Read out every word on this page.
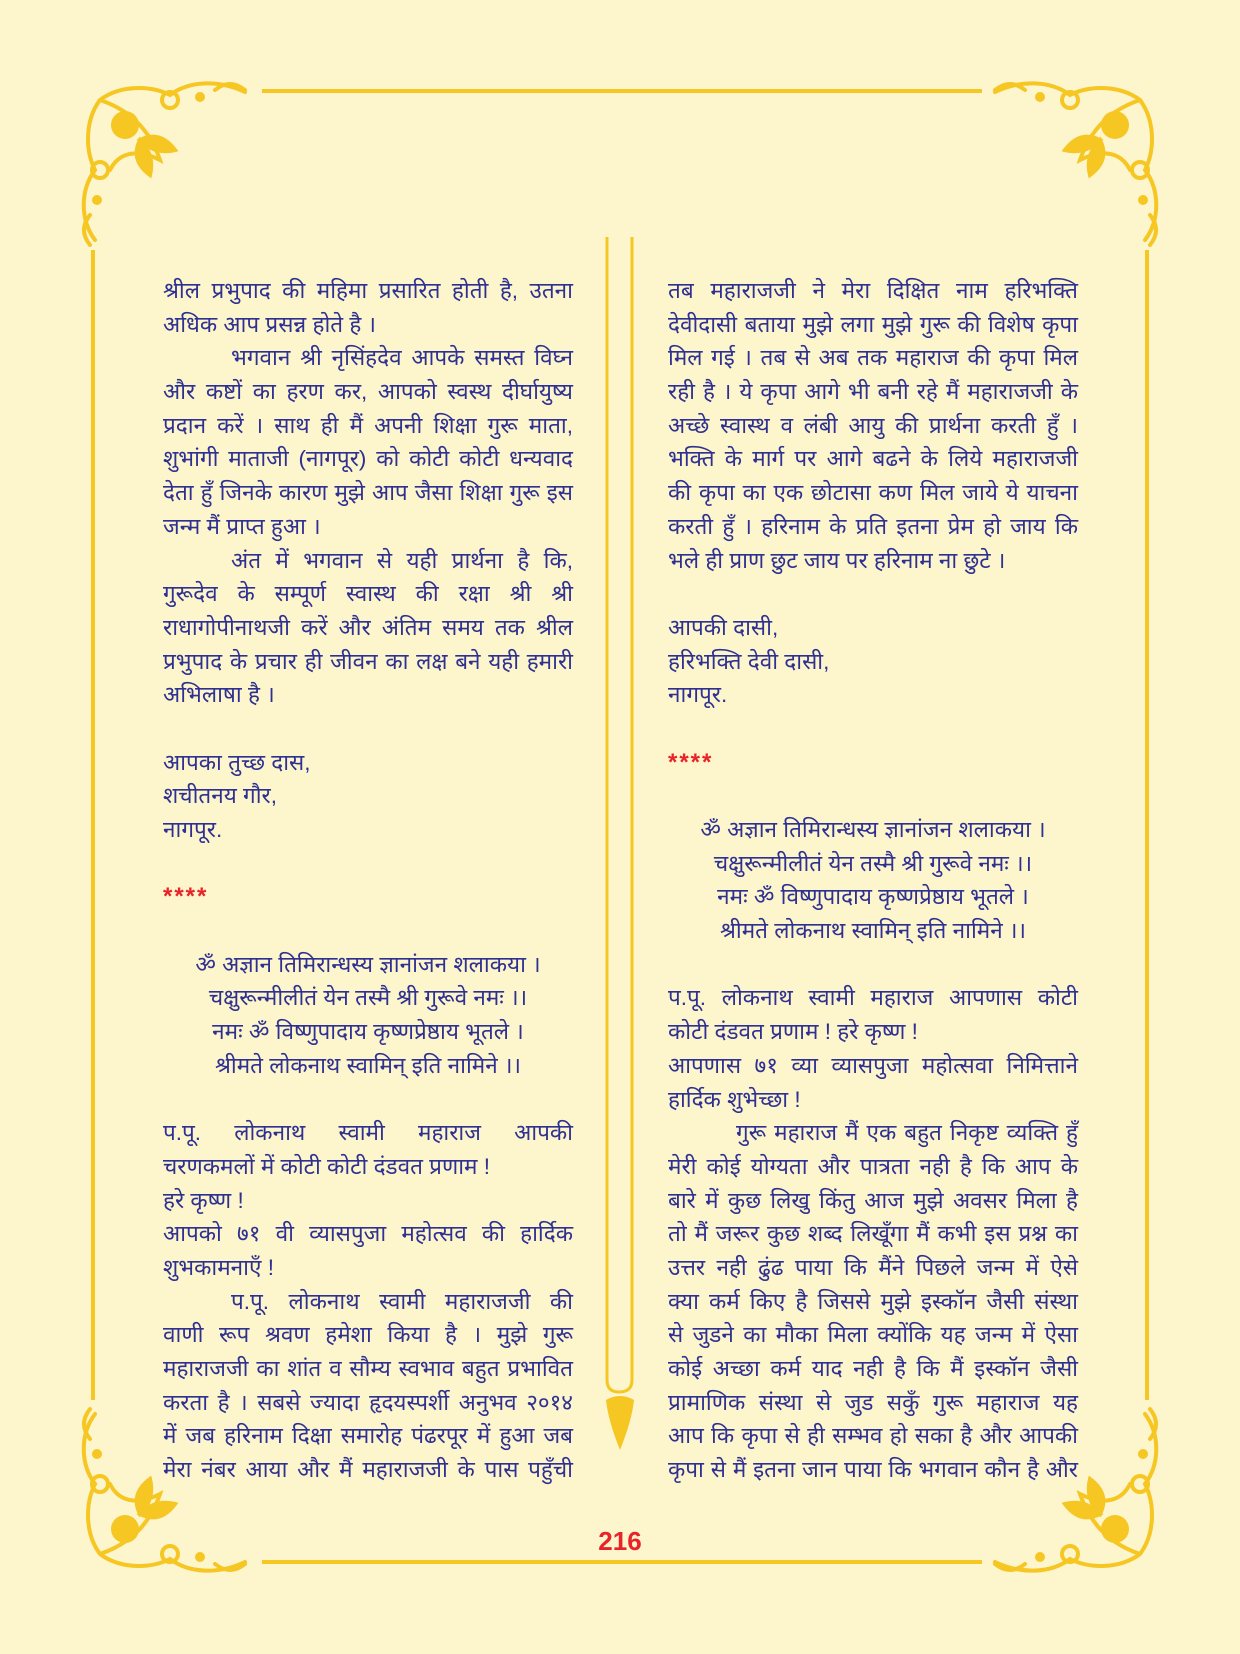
श्रील प्रभुपाद की महिमा प्रसारित होती है, उतना
अधिक आप प्रसन्न होते है ।
भगवान श्री नृसिंहदेव आपके समस्त विघ्न
और कष्टों का हरण कर, आपको स्वस्थ दीर्घायुष्य
प्रदान करें । साथ ही मैं अपनी शिक्षा गुरू माता,
शुभांगी माताजी (नागपूर) को कोटी कोटी धन्यवाद
देता हुँ जिनके कारण मुझे आप जैसा शिक्षा गुरू इस
जन्म मैं प्राप्त हुआ ।
अंत में भगवान से यही प्रार्थना है कि,
गुरूदेव के सम्पूर्ण स्वास्थ की रक्षा श्री श्री
राधागोपीनाथजी करें और अंतिम समय तक श्रील
प्रभुपाद के प्रचार ही जीवन का लक्ष बने यही हमारी
अभिलाषा है ।
आपका तुच्छ दास,
शचीतनय गौर,
नागपूर.
****
ॐ अज्ञान तिमिरान्धस्य ज्ञानांजन शलाकया ।
चक्षुरून्मीलीतं येन तस्मै श्री गुरूवे नमः ।।
नमः ॐ विष्णुपादाय कृष्णप्रेष्ठाय भूतले ।
श्रीमते लोकनाथ स्वामिन् इति नामिने ।।
प.पू. लोकनाथ स्वामी महाराज आपकी
चरणकमलों में कोटी कोटी दंडवत प्रणाम !
हरे कृष्ण !
आपको ७१ वी व्यासपुजा महोत्सव की हार्दिक
शुभकामनाएँ !
प.पू. लोकनाथ स्वामी महाराजजी की
वाणी रूप श्रवण हमेशा किया है । मुझे गुरू
महाराजजी का शांत व सौम्य स्वभाव बहुत प्रभावित
करता है । सबसे ज्यादा हृदयस्पर्शी अनुभव २०१४
में जब हरिनाम दिक्षा समारोह पंढरपूर में हुआ जब
मेरा नंबर आया और मैं महाराजजी के पास पहुँची
तब महाराजजी ने मेरा दिक्षित नाम हरिभक्ति
देवीदासी बताया मुझे लगा मुझे गुरू की विशेष कृपा
मिल गई । तब से अब तक महाराज की कृपा मिल
रही है । ये कृपा आगे भी बनी रहे मैं महाराजजी के
अच्छे स्वास्थ व लंबी आयु की प्रार्थना करती हुँ ।
भक्ति के मार्ग पर आगे बढने के लिये महाराजजी
की कृपा का एक छोटासा कण मिल जाये ये याचना
करती हुँ । हरिनाम के प्रति इतना प्रेम हो जाय कि
भले ही प्राण छुट जाय पर हरिनाम ना छुटे ।
आपकी दासी,
हरिभक्ति देवी दासी,
नागपूर.
****
ॐ अज्ञान तिमिरान्धस्य ज्ञानांजन शलाकया ।
चक्षुरून्मीलीतं येन तस्मै श्री गुरूवे नमः ।।
नमः ॐ विष्णुपादाय कृष्णप्रेष्ठाय भूतले ।
श्रीमते लोकनाथ स्वामिन् इति नामिने ।।
प.पू. लोकनाथ स्वामी महाराज आपणास कोटी
कोटी दंडवत प्रणाम ! हरे कृष्ण !
आपणास ७१ व्या व्यासपुजा महोत्सवा निमित्ताने
हार्दिक शुभेच्छा !
गुरू महाराज मैं एक बहुत निकृष्ट व्यक्ति हुँ
मेरी कोई योग्यता और पात्रता नही है कि आप के
बारे में कुछ लिखु किंतु आज मुझे अवसर मिला है
तो मैं जरूर कुछ शब्द लिखूँगा मैं कभी इस प्रश्न का
उत्तर नही ढुंढ पाया कि मैंने पिछले जन्म में ऐसे
क्या कर्म किए है जिससे मुझे इस्कॉन जैसी संस्था
से जुडने का मौका मिला क्योंकि यह जन्म में ऐसा
कोई अच्छा कर्म याद नही है कि मैं इस्कॉन जैसी
प्रामाणिक संस्था से जुड सकुँ गुरू महाराज यह
आप कि कृपा से ही सम्भव हो सका है और आपकी
कृपा से मैं इतना जान पाया कि भगवान कौन है और
216
